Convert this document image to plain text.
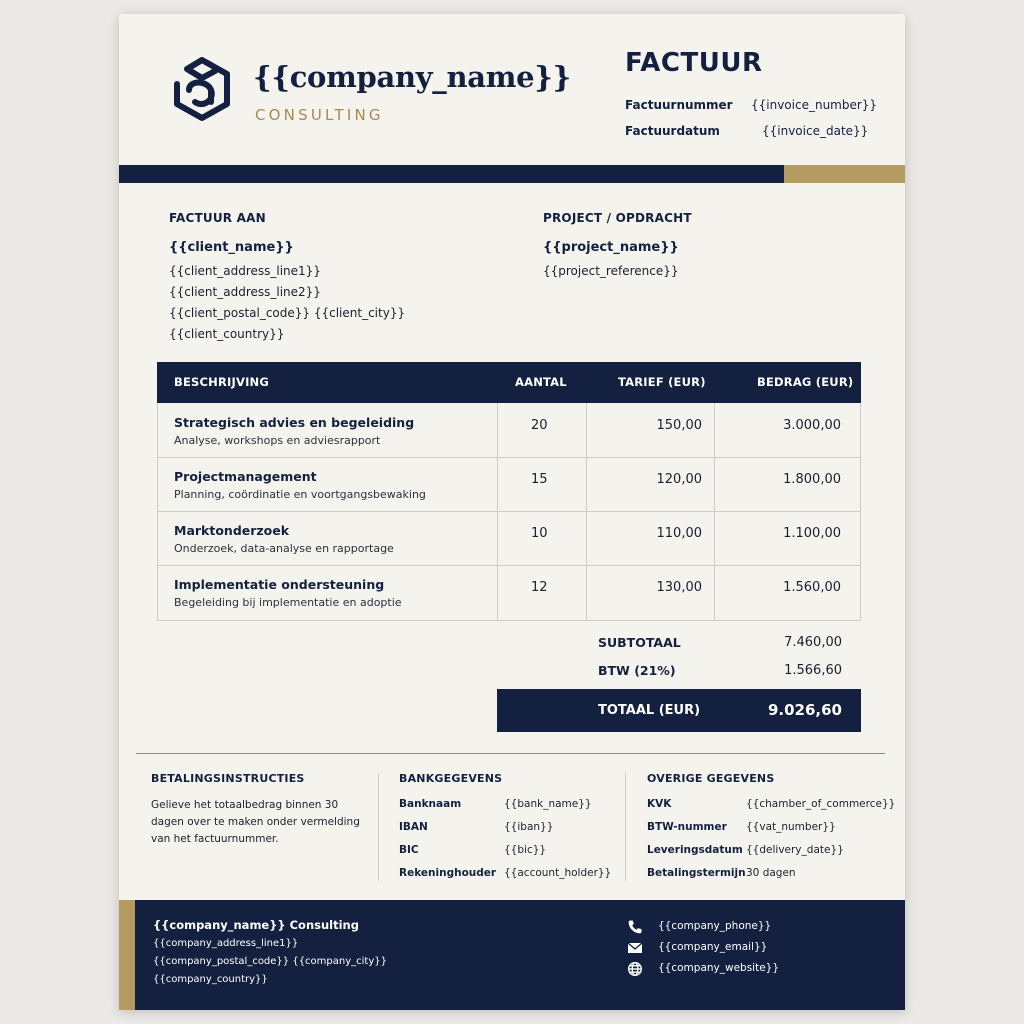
{{company_name}}
CONSULTING
FACTUUR
Factuurnummer {{invoice_number}}
Factuurdatum	{{invoice_date}}
FACTUUR AAN
{{client_name}}
{{client_address_line1}}
{{client_address_line2}}
{{client_postal_code}} {{client_city}}
{{client_country}}
PROJECT / OPDRACHT
{{project_name}}
{{project_reference}}
BESCHRIJVING	AANTAL	TARIEF (EUR)	BEDRAG (EUR)
Strategisch advies en begeleiding
Analyse, workshops en adviesrapport
20	150,00	3.000,00
Projectmanagement
Planning, coördinatie en voortgangsbewaking
15	120,00	1.800,00
Marktonderzoek
Onderzoek, data-analyse en rapportage
10	110,00	1.100,00
Implementatie ondersteuning
Begeleiding bij implementatie en adoptie
12	130,00	1.560,00
SUBTOTAAL	7.460,00
BTW (21%)	1.566,60
TOTAAL (EUR)	9.026,60
BETALINGSINSTRUCTIES
Gelieve het totaalbedrag binnen 30 dagen over te maken onder vermelding van het factuurnummer.
BANKGEGEVENS
Banknaam	{{bank_name}}
IBAN	{{iban}}
BIC	{{bic}}
Rekeninghouder {{account_holder}}
OVERIGE GEGEVENS
KVK	{{chamber_of_commerce}}
BTW-nummer {{vat_number}}
Leveringsdatum {{delivery_date}}
Betalingstermijn 30 dagen
{{company_name}} Consulting
{{company_address_line1}}
{{company_postal_code}} {{company_city}}
{{company_country}}
{{company_phone}}
{{company_email}}
{{company_website}}
